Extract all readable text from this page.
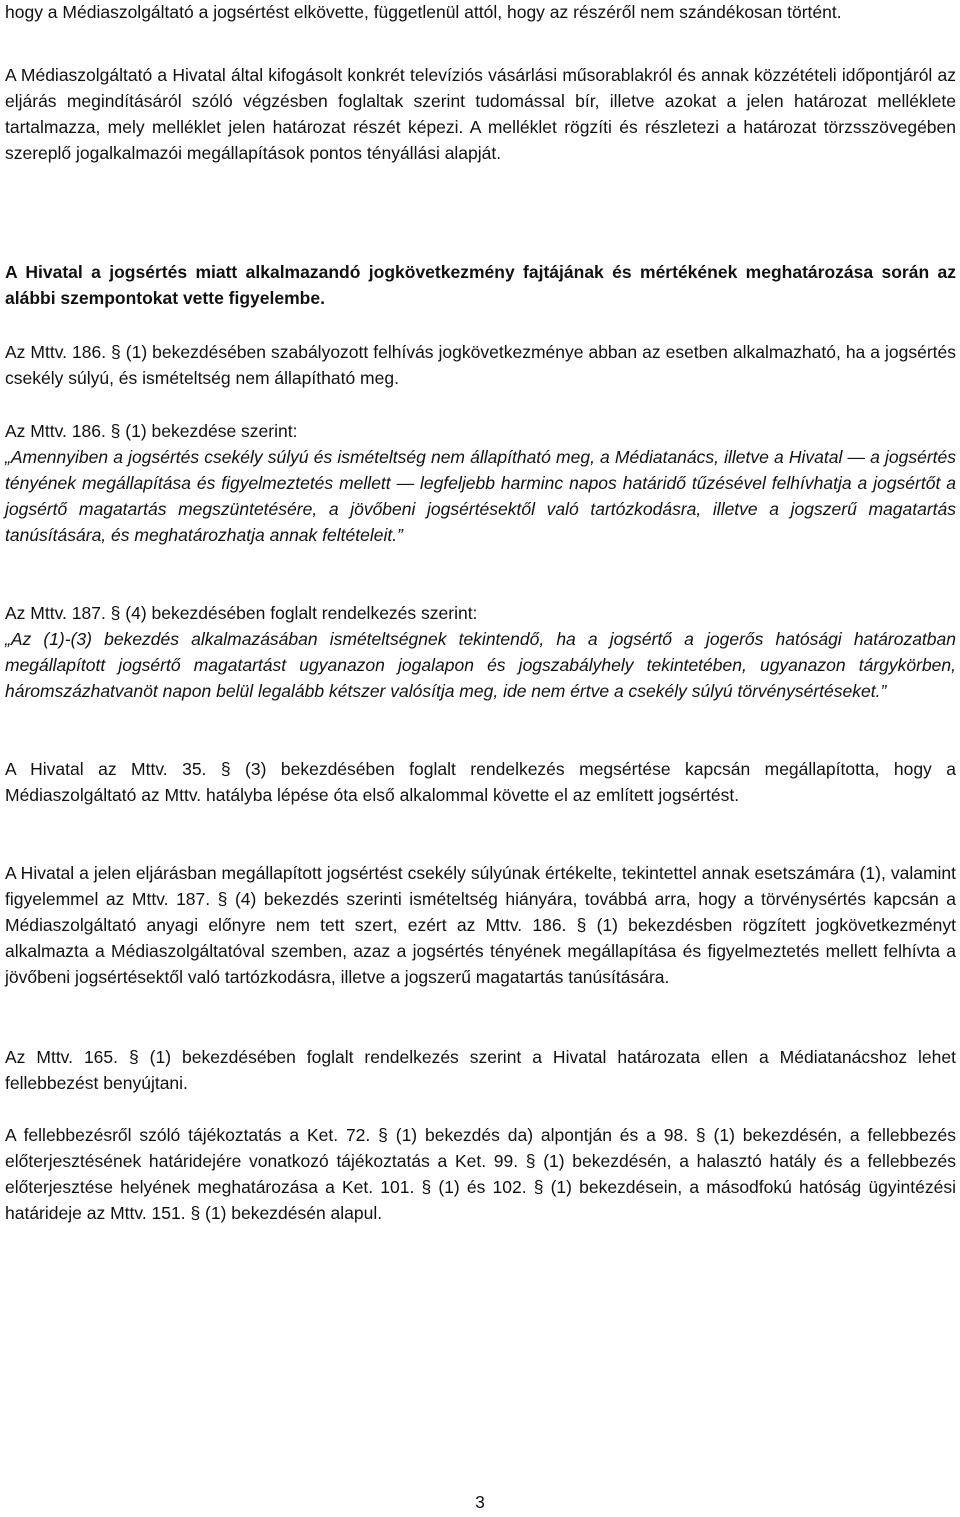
hogy a Médiaszolgáltató a jogsértést elkövette, függetlenül attól, hogy az részéről nem szándékosan történt.

A Médiaszolgáltató a Hivatal által kifogásolt konkrét televíziós vásárlási műsorablakról és annak közzétételi időpontjáról az eljárás megindításáról szóló végzésben foglaltak szerint tudomással bír, illetve azokat a jelen határozat melléklete tartalmazza, mely melléklet jelen határozat részét képezi. A melléklet rögzíti és részletezi a határozat törzsszövegében szereplő jogalkalmazói megállapítások pontos tényállási alapját.

A Hivatal a jogsértés miatt alkalmazandó jogkövetkezmény fajtájának és mértékének meghatározása során az alábbi szempontokat vette figyelembe.

Az Mttv. 186. § (1) bekezdésében szabályozott felhívás jogkövetkezménye abban az esetben alkalmazható, ha a jogsértés csekély súlyú, és ismételtség nem állapítható meg.

Az Mttv. 186. § (1) bekezdése szerint:

„Amennyiben a jogsértés csekély súlyú és ismételtség nem állapítható meg, a Médiatanács, illetve a Hivatal — a jogsértés tényének megállapítása és figyelmeztetés mellett — legfeljebb harminc napos határidő tűzésével felhívhatja a jogsértőt a jogsértő magatartás megszüntetésére, a jövőbeni jogsértésektől való tartózkodásra, illetve a jogszerű magatartás tanúsítására, és meghatározhatja annak feltételeit.”

Az Mttv. 187. § (4) bekezdésében foglalt rendelkezés szerint:

„Az (1)-(3) bekezdés alkalmazásában ismételtségnek tekintendő, ha a jogsértő a jogerős hatósági határozatban megállapított jogsértő magatartást ugyanazon jogalapon és jogszabályhely tekintetében, ugyanazon tárgykörben, háromszázhatvanöt napon belül legalább kétszer valósítja meg, ide nem értve a csekély súlyú törvénysértéseket.”

A Hivatal az Mttv. 35. § (3) bekezdésében foglalt rendelkezés megsértése kapcsán megállapította, hogy a Médiaszolgáltató az Mttv. hatályba lépése óta első alkalommal követte el az említett jogsértést.

A Hivatal a jelen eljárásban megállapított jogsértést csekély súlyúnak értékelte, tekintettel annak esetszámára (1), valamint figyelemmel az Mttv. 187. § (4) bekezdés szerinti ismételtség hiányára, továbbá arra, hogy a törvénysértés kapcsán a Médiaszolgáltató anyagi előnyre nem tett szert, ezért az Mttv. 186. § (1) bekezdésben rögzített jogkövetkezményt alkalmazta a Médiaszolgáltatóval szemben, azaz a jogsértés tényének megállapítása és figyelmeztetés mellett felhívta a jövőbeni jogsértésektől való tartózkodásra, illetve a jogszerű magatartás tanúsítására.

Az Mttv. 165. § (1) bekezdésében foglalt rendelkezés szerint a Hivatal határozata ellen a Médiatanácshoz lehet fellebbezést benyújtani.

A fellebbezésről szóló tájékoztatás a Ket. 72. § (1) bekezdés da) alpontján és a 98. § (1) bekezdésén, a fellebbezés előterjesztésének határidejére vonatkozó tájékoztatás a Ket. 99. § (1) bekezdésén, a halasztó hatály és a fellebbezés előterjesztése helyének meghatározása a Ket. 101. § (1) és 102. § (1) bekezdésein, a másodfokú hatóság ügyintézési határideje az Mttv. 151. § (1) bekezdésén alapul.

3
